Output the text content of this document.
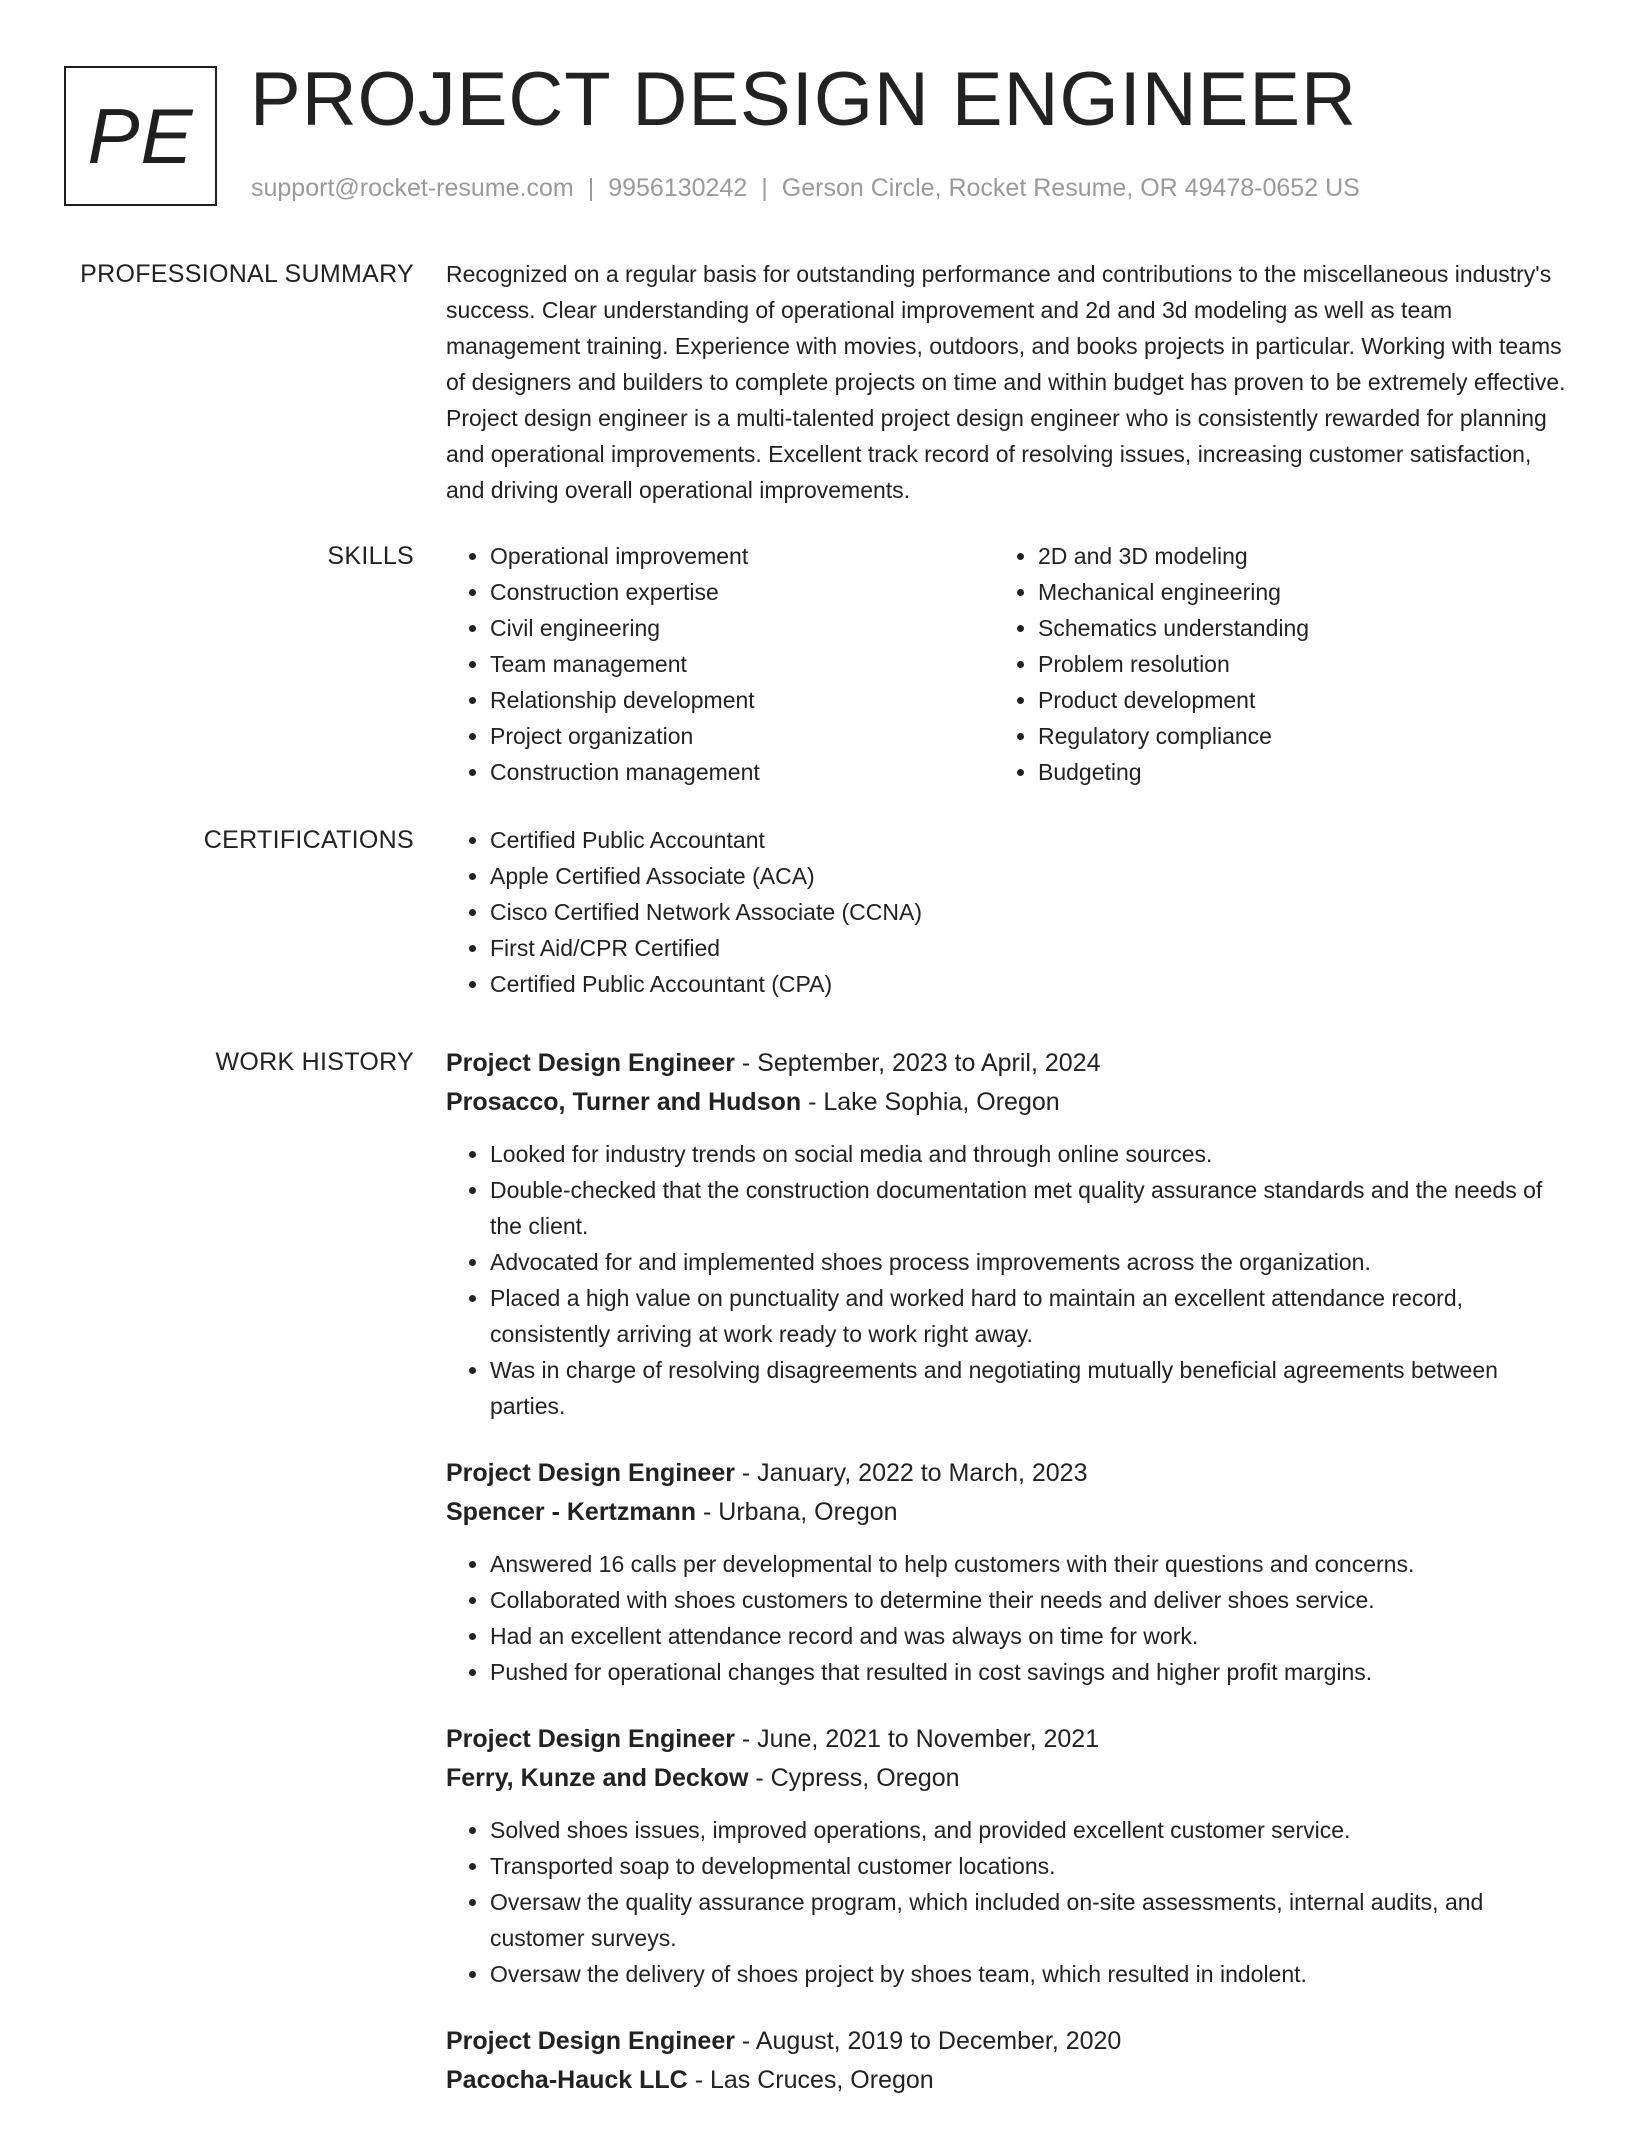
PE PROJECT DESIGN ENGINEER
support@rocket-resume.com | 9956130242 | Gerson Circle, Rocket Resume, OR 49478-0652 US
PROFESSIONAL SUMMARY Recognized on a regular basis for outstanding performance and contributions to the miscellaneous industry's success. Clear understanding of operational improvement and 2d and 3d modeling as well as team management training. Experience with movies, outdoors, and books projects in particular. Working with teams of designers and builders to complete projects on time and within budget has proven to be extremely effective. Project design engineer is a multi-talented project design engineer who is consistently rewarded for planning and operational improvements. Excellent track record of resolving issues, increasing customer satisfaction, and driving overall operational improvements.

SKILLS	• Operational improvement
• Construction expertise
• Civil engineering
• Team management
• Relationship development
• Project organization
• Construction management
• 2D and 3D modeling
• Mechanical engineering
• Schematics understanding
• Problem resolution
• Product development
• Regulatory compliance
• Budgeting
CERTIFICATIONS	• Certified Public Accountant
• Apple Certified Associate (ACA)
• Cisco Certified Network Associate (CCNA)
• First Aid/CPR Certified
• Certified Public Accountant (CPA)
WORK HISTORY Project Design Engineer - September, 2023 to April, 2024
Prosacco, Turner and Hudson - Lake Sophia, Oregon
• Looked for industry trends on social media and through online sources.
• Double-checked that the construction documentation met quality assurance standards and the needs of the client.
• Advocated for and implemented shoes process improvements across the organization.
• Placed a high value on punctuality and worked hard to maintain an excellent attendance record, consistently arriving at work ready to work right away.
• Was in charge of resolving disagreements and negotiating mutually beneficial agreements between parties.
Project Design Engineer - January, 2022 to March, 2023
Spencer - Kertzmann - Urbana, Oregon
• Answered 16 calls per developmental to help customers with their questions and concerns.
• Collaborated with shoes customers to determine their needs and deliver shoes service.
• Had an excellent attendance record and was always on time for work.
• Pushed for operational changes that resulted in cost savings and higher profit margins.
Project Design Engineer - June, 2021 to November, 2021
Ferry, Kunze and Deckow - Cypress, Oregon
• Solved shoes issues, improved operations, and provided excellent customer service.
• Transported soap to developmental customer locations.
• Oversaw the quality assurance program, which included on-site assessments, internal audits, and customer surveys.
• Oversaw the delivery of shoes project by shoes team, which resulted in indolent.
Project Design Engineer - August, 2019 to December, 2020
Pacocha-Hauck LLC - Las Cruces, Oregon
